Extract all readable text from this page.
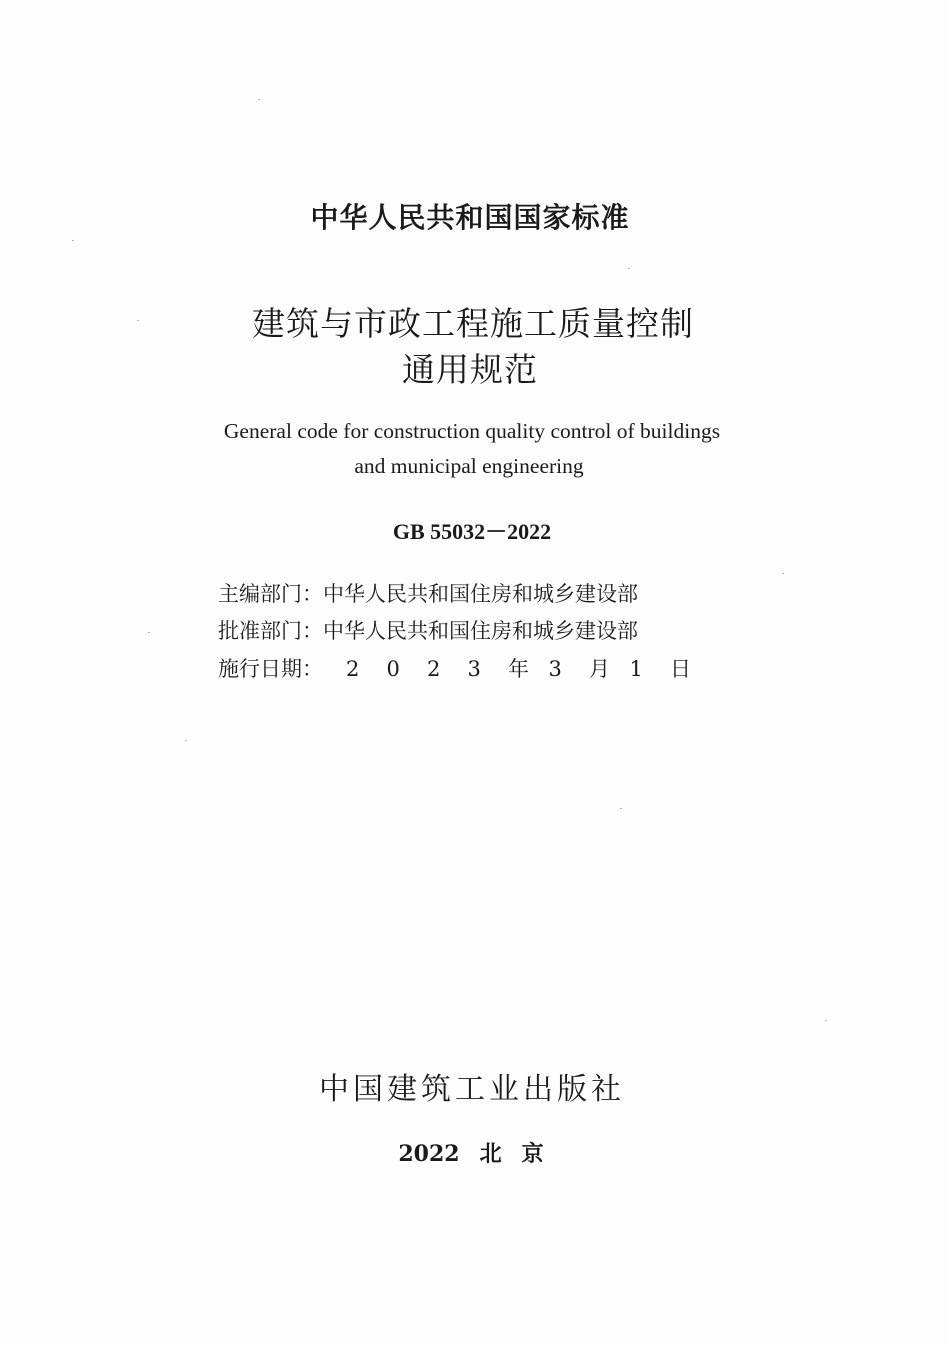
中华人民共和国国家标准
建筑与市政工程施工质量控制
通用规范
General code for construction quality control of buildings
and municipal engineering
GB 55032－2022
主编部门：中华人民共和国住房和城乡建设部
批准部门：中华人民共和国住房和城乡建设部
施行日期： 2 0 2 3 年 3 月 1 日
中国建筑工业出版社
2022 北 京
